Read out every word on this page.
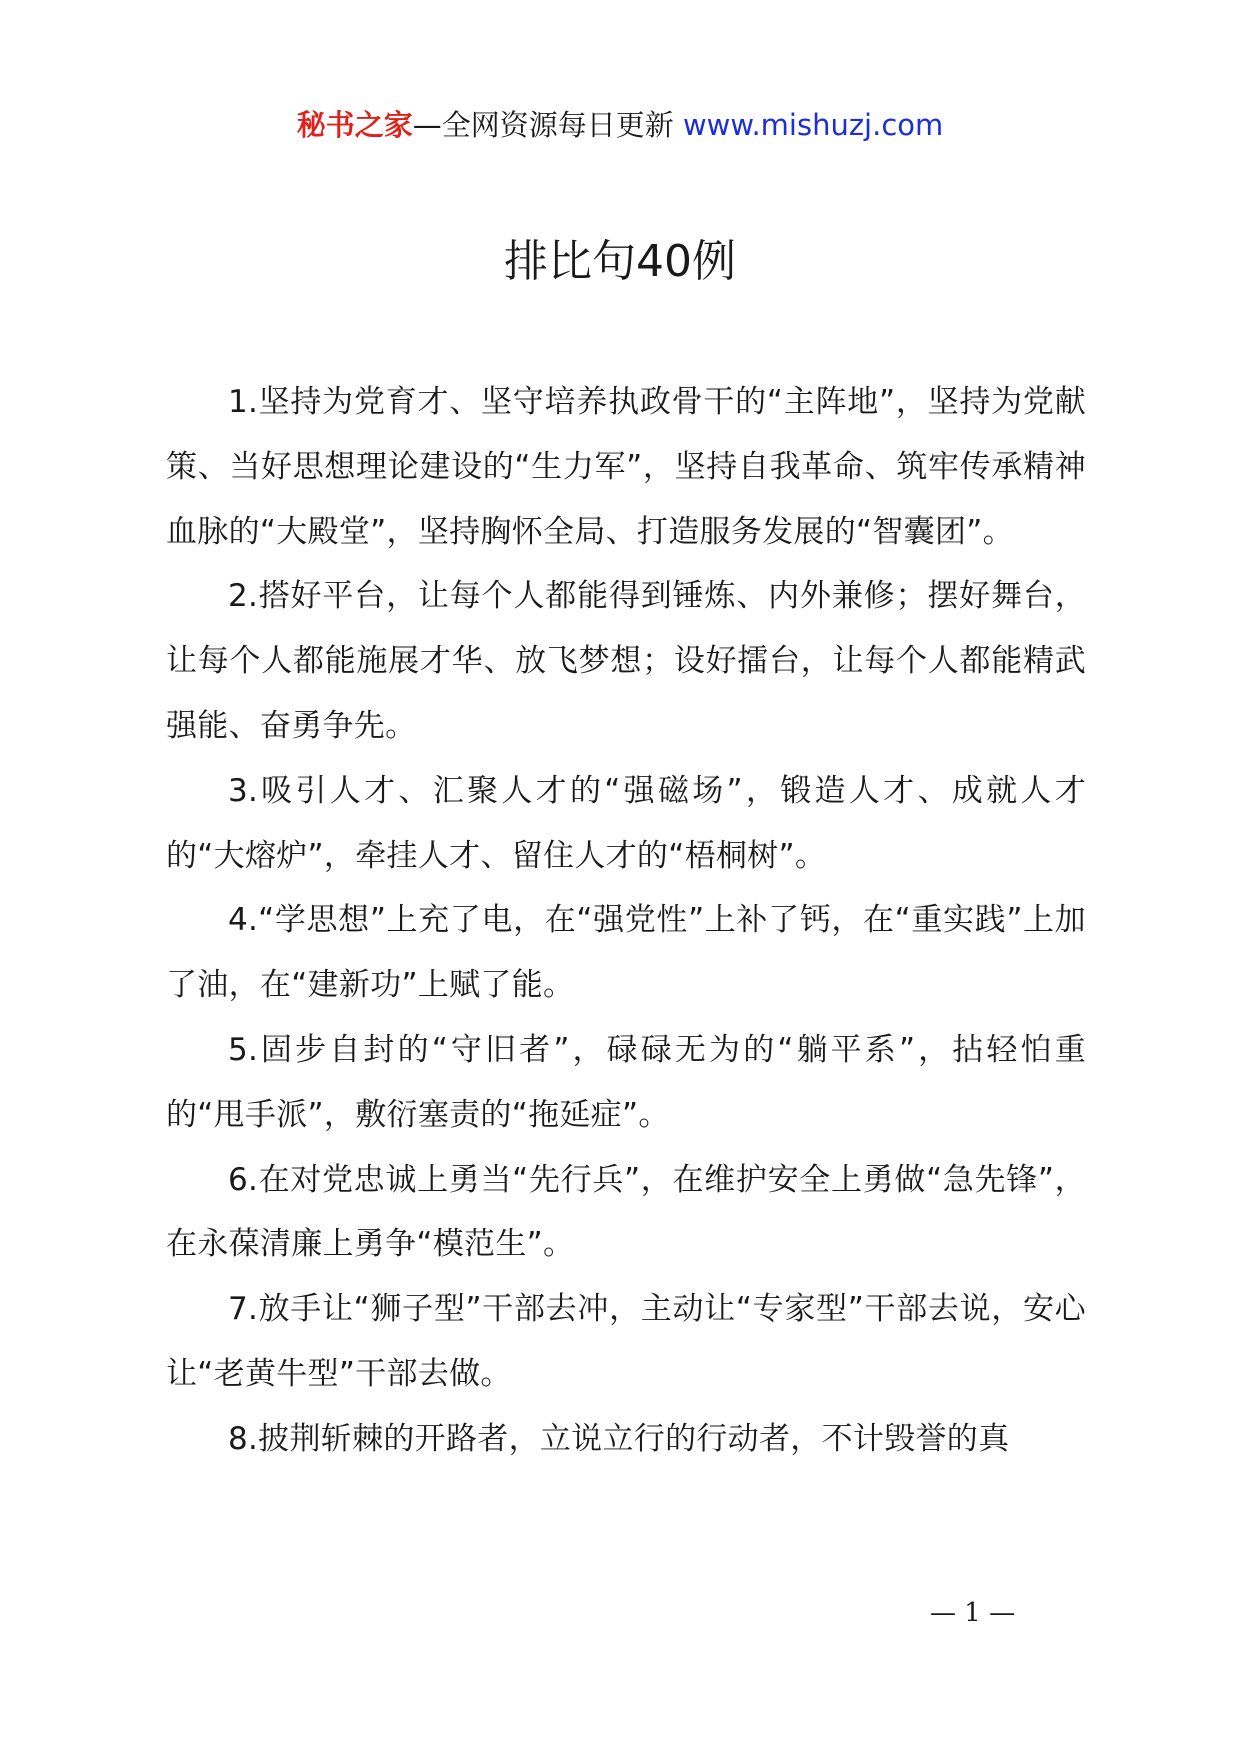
秘书之家—全网资源每日更新 www.mishuzj.com
排比句40例

1.坚持为党育才、坚守培养执政骨干的“主阵地”，坚持为党献策、当好思想理论建设的“生力军”，坚持自我革命、筑牢传承精神血脉的“大殿堂”，坚持胸怀全局、打造服务发展的“智囊团”。

2.搭好平台，让每个人都能得到锤炼、内外兼修；摆好舞台，让每个人都能施展才华、放飞梦想；设好擂台，让每个人都能精武强能、奋勇争先。

3.吸引人才、汇聚人才的“强磁场”，锻造人才、成就人才的“大熔炉”，牵挂人才、留住人才的“梧桐树”。

4.“学思想”上充了电，在“强党性”上补了钙，在“重实践”上加了油，在“建新功”上赋了能。

5.固步自封的“守旧者”，碌碌无为的“躺平系”，拈轻怕重的“甩手派”，敷衍塞责的“拖延症”。

6.在对党忠诚上勇当“先行兵”，在维护安全上勇做“急先锋”，在永葆清廉上勇争“模范生”。

7.放手让“狮子型”干部去冲，主动让“专家型”干部去说，安心让“老黄牛型”干部去做。

8.披荆斩棘的开路者，立说立行的行动者，不计毁誉的真

— 1 —
